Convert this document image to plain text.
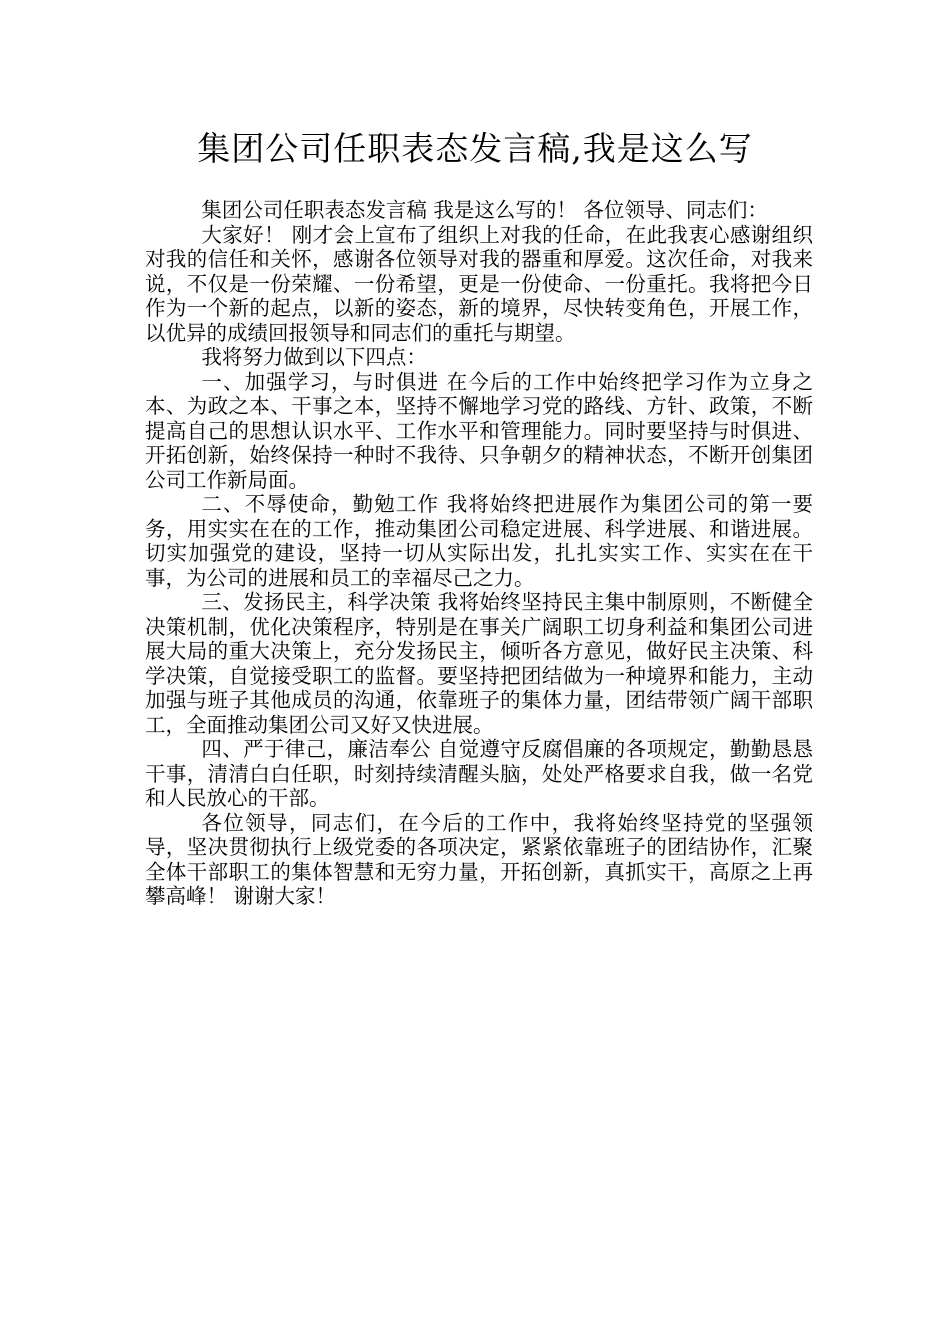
集团公司任职表态发言稿,我是这么写

集团公司任职表态发言稿 我是这么写的！ 各位领导、同志们：

大家好！ 刚才会上宣布了组织上对我的任命，在此我衷心感谢组织对我的信任和关怀，感谢各位领导对我的器重和厚爱。这次任命，对我来说，不仅是一份荣耀、一份希望，更是一份使命、一份重托。我将把今日作为一个新的起点，以新的姿态，新的境界，尽快转变角色，开展工作，以优异的成绩回报领导和同志们的重托与期望。

我将努力做到以下四点：

一、加强学习，与时俱进 在今后的工作中始终把学习作为立身之本、为政之本、干事之本，坚持不懈地学习党的路线、方针、政策，不断提高自己的思想认识水平、工作水平和管理能力。同时要坚持与时俱进、开拓创新，始终保持一种时不我待、只争朝夕的精神状态，不断开创集团公司工作新局面。

二、不辱使命，勤勉工作 我将始终把进展作为集团公司的第一要务，用实实在在的工作，推动集团公司稳定进展、科学进展、和谐进展。切实加强党的建设，坚持一切从实际出发，扎扎实实工作、实实在在干事，为公司的进展和员工的幸福尽己之力。

三、发扬民主，科学决策 我将始终坚持民主集中制原则，不断健全决策机制，优化决策程序，特别是在事关广阔职工切身利益和集团公司进展大局的重大决策上，充分发扬民主，倾听各方意见，做好民主决策、科学决策，自觉接受职工的监督。要坚持把团结做为一种境界和能力，主动加强与班子其他成员的沟通，依靠班子的集体力量，团结带领广阔干部职工，全面推动集团公司又好又快进展。

四、严于律己，廉洁奉公 自觉遵守反腐倡廉的各项规定，勤勤恳恳干事，清清白白任职，时刻持续清醒头脑，处处严格要求自我，做一名党和人民放心的干部。

各位领导，同志们，在今后的工作中，我将始终坚持党的坚强领导，坚决贯彻执行上级党委的各项决定，紧紧依靠班子的团结协作，汇聚全体干部职工的集体智慧和无穷力量，开拓创新，真抓实干，高原之上再攀高峰！ 谢谢大家！
